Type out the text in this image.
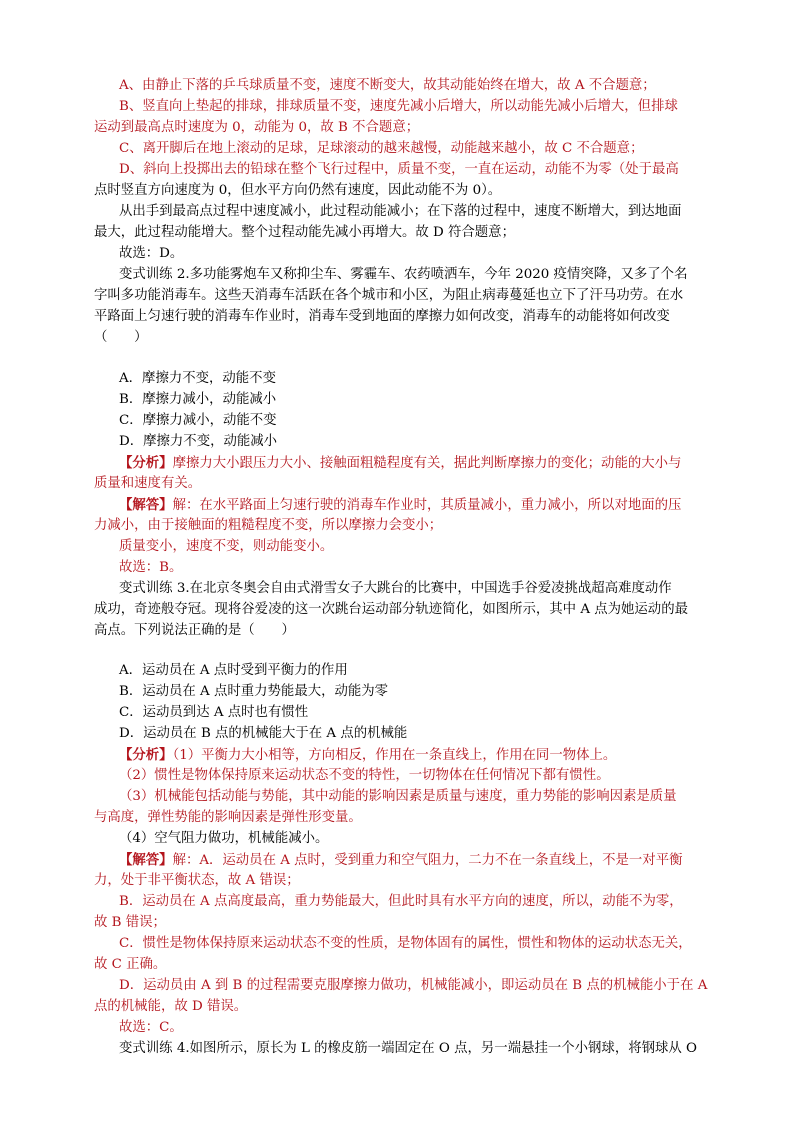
A、由静止下落的乒乓球质量不变，速度不断变大，故其动能始终在增大，故 A 不合题意；
B、竖直向上垫起的排球，排球质量不变，速度先减小后增大，所以动能先减小后增大，但排球
运动到最高点时速度为 0，动能为 0，故 B 不合题意；
C、离开脚后在地上滚动的足球，足球滚动的越来越慢，动能越来越小，故 C 不合题意；
D、斜向上投掷出去的铅球在整个飞行过程中，质量不变，一直在运动，动能不为零（处于最高
点时竖直方向速度为 0，但水平方向仍然有速度，因此动能不为 0）。
从出手到最高点过程中速度减小，此过程动能减小；在下落的过程中，速度不断增大，到达地面
最大，此过程动能增大。整个过程动能先减小再增大。故 D 符合题意；
故选：D。
变式训练 2.多功能雾炮车又称抑尘车、雾霾车、农药喷洒车，今年 2020 疫情突降，又多了个名
字叫多功能消毒车。这些天消毒车活跃在各个城市和小区，为阻止病毒蔓延也立下了汗马功劳。在水
平路面上匀速行驶的消毒车作业时，消毒车受到地面的摩擦力如何改变，消毒车的动能将如何改变
（　　）
A．摩擦力不变，动能不变
B．摩擦力减小，动能减小
C．摩擦力减小，动能不变
D．摩擦力不变，动能减小
【分析】摩擦力大小跟压力大小、接触面粗糙程度有关，据此判断摩擦力的变化；动能的大小与
质量和速度有关。
【解答】解：在水平路面上匀速行驶的消毒车作业时，其质量减小，重力减小，所以对地面的压
力减小，由于接触面的粗糙程度不变，所以摩擦力会变小；
质量变小，速度不变，则动能变小。
故选：B。
变式训练 3.在北京冬奥会自由式滑雪女子大跳台的比赛中，中国选手谷爱凌挑战超高难度动作
成功，奇迹般夺冠。现将谷爱凌的这一次跳台运动部分轨迹简化，如图所示，其中 A 点为她运动的最
高点。下列说法正确的是（　　）
A．运动员在 A 点时受到平衡力的作用
B．运动员在 A 点时重力势能最大，动能为零
C．运动员到达 A 点时也有惯性
D．运动员在 B 点的机械能大于在 A 点的机械能
【分析】（1）平衡力大小相等，方向相反，作用在一条直线上，作用在同一物体上。
（2）惯性是物体保持原来运动状态不变的特性，一切物体在任何情况下都有惯性。
（3）机械能包括动能与势能，其中动能的影响因素是质量与速度，重力势能的影响因素是质量
与高度，弹性势能的影响因素是弹性形变量。
（4）空气阻力做功，机械能减小。
【解答】解：A．运动员在 A 点时，受到重力和空气阻力，二力不在一条直线上，不是一对平衡
力，处于非平衡状态，故 A 错误；
B．运动员在 A 点高度最高，重力势能最大，但此时具有水平方向的速度，所以，动能不为零，
故 B 错误；
C．惯性是物体保持原来运动状态不变的性质，是物体固有的属性，惯性和物体的运动状态无关，
故 C 正确。
D．运动员由 A 到 B 的过程需要克服摩擦力做功，机械能减小，即运动员在 B 点的机械能小于在 A
点的机械能，故 D 错误。
故选：C。
变式训练 4.如图所示，原长为 L 的橡皮筋一端固定在 O 点，另一端悬挂一个小钢球，将钢球从 O
